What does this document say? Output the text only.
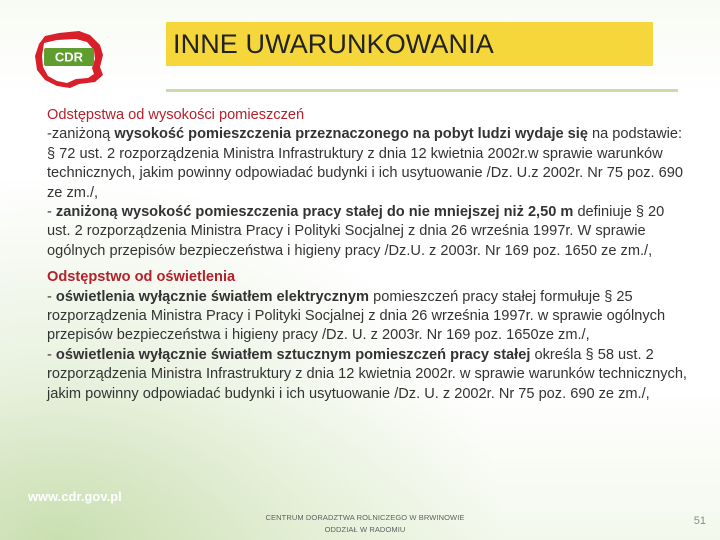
CDR	INNE UWARUNKOWANIA

Odstępstwa od wysokości pomieszczeń

-zaniżoną wysokość pomieszczenia przeznaczonego na pobyt ludzi wydaje się na podstawie: § 72 ust. 2 rozporządzenia Ministra Infrastruktury z dnia 12 kwietnia 2002r.w sprawie warunków technicznych, jakim powinny odpowiadać budynki i ich usytuowanie /Dz. U.z 2002r. Nr 75 poz. 690 ze zm./,

- zaniżoną wysokość pomieszczenia pracy stałej do nie mniejszej niż 2,50 m definiuje § 20 ust. 2 rozporządzenia Ministra Pracy i Polityki Socjalnej z dnia 26 września 1997r. W sprawie ogólnych przepisów bezpieczeństwa i higieny pracy /Dz.U. z 2003r. Nr 169 poz. 1650 ze zm./,

Odstępstwo od oświetlenia

- oświetlenia wyłącznie światłem elektrycznym pomieszczeń pracy stałej formułuje § 25 rozporządzenia Ministra Pracy i Polityki Socjalnej z dnia 26 września 1997r. w sprawie ogólnych przepisów bezpieczeństwa i higieny pracy /Dz. U. z 2003r. Nr 169 poz. 1650ze zm./,

- oświetlenia wyłącznie światłem sztucznym pomieszczeń pracy stałej określa § 58 ust. 2 rozporządzenia Ministra Infrastruktury z dnia 12 kwietnia 2002r. w sprawie warunków technicznych, jakim powinny odpowiadać budynki i ich usytuowanie /Dz. U. z 2002r. Nr 75 poz. 690 ze zm./,

www.cdr.gov.pl
CENTRUM DORADZTWA ROLNICZEGO W BRWINOWIE
ODDZIAŁ W RADOMIU
51
